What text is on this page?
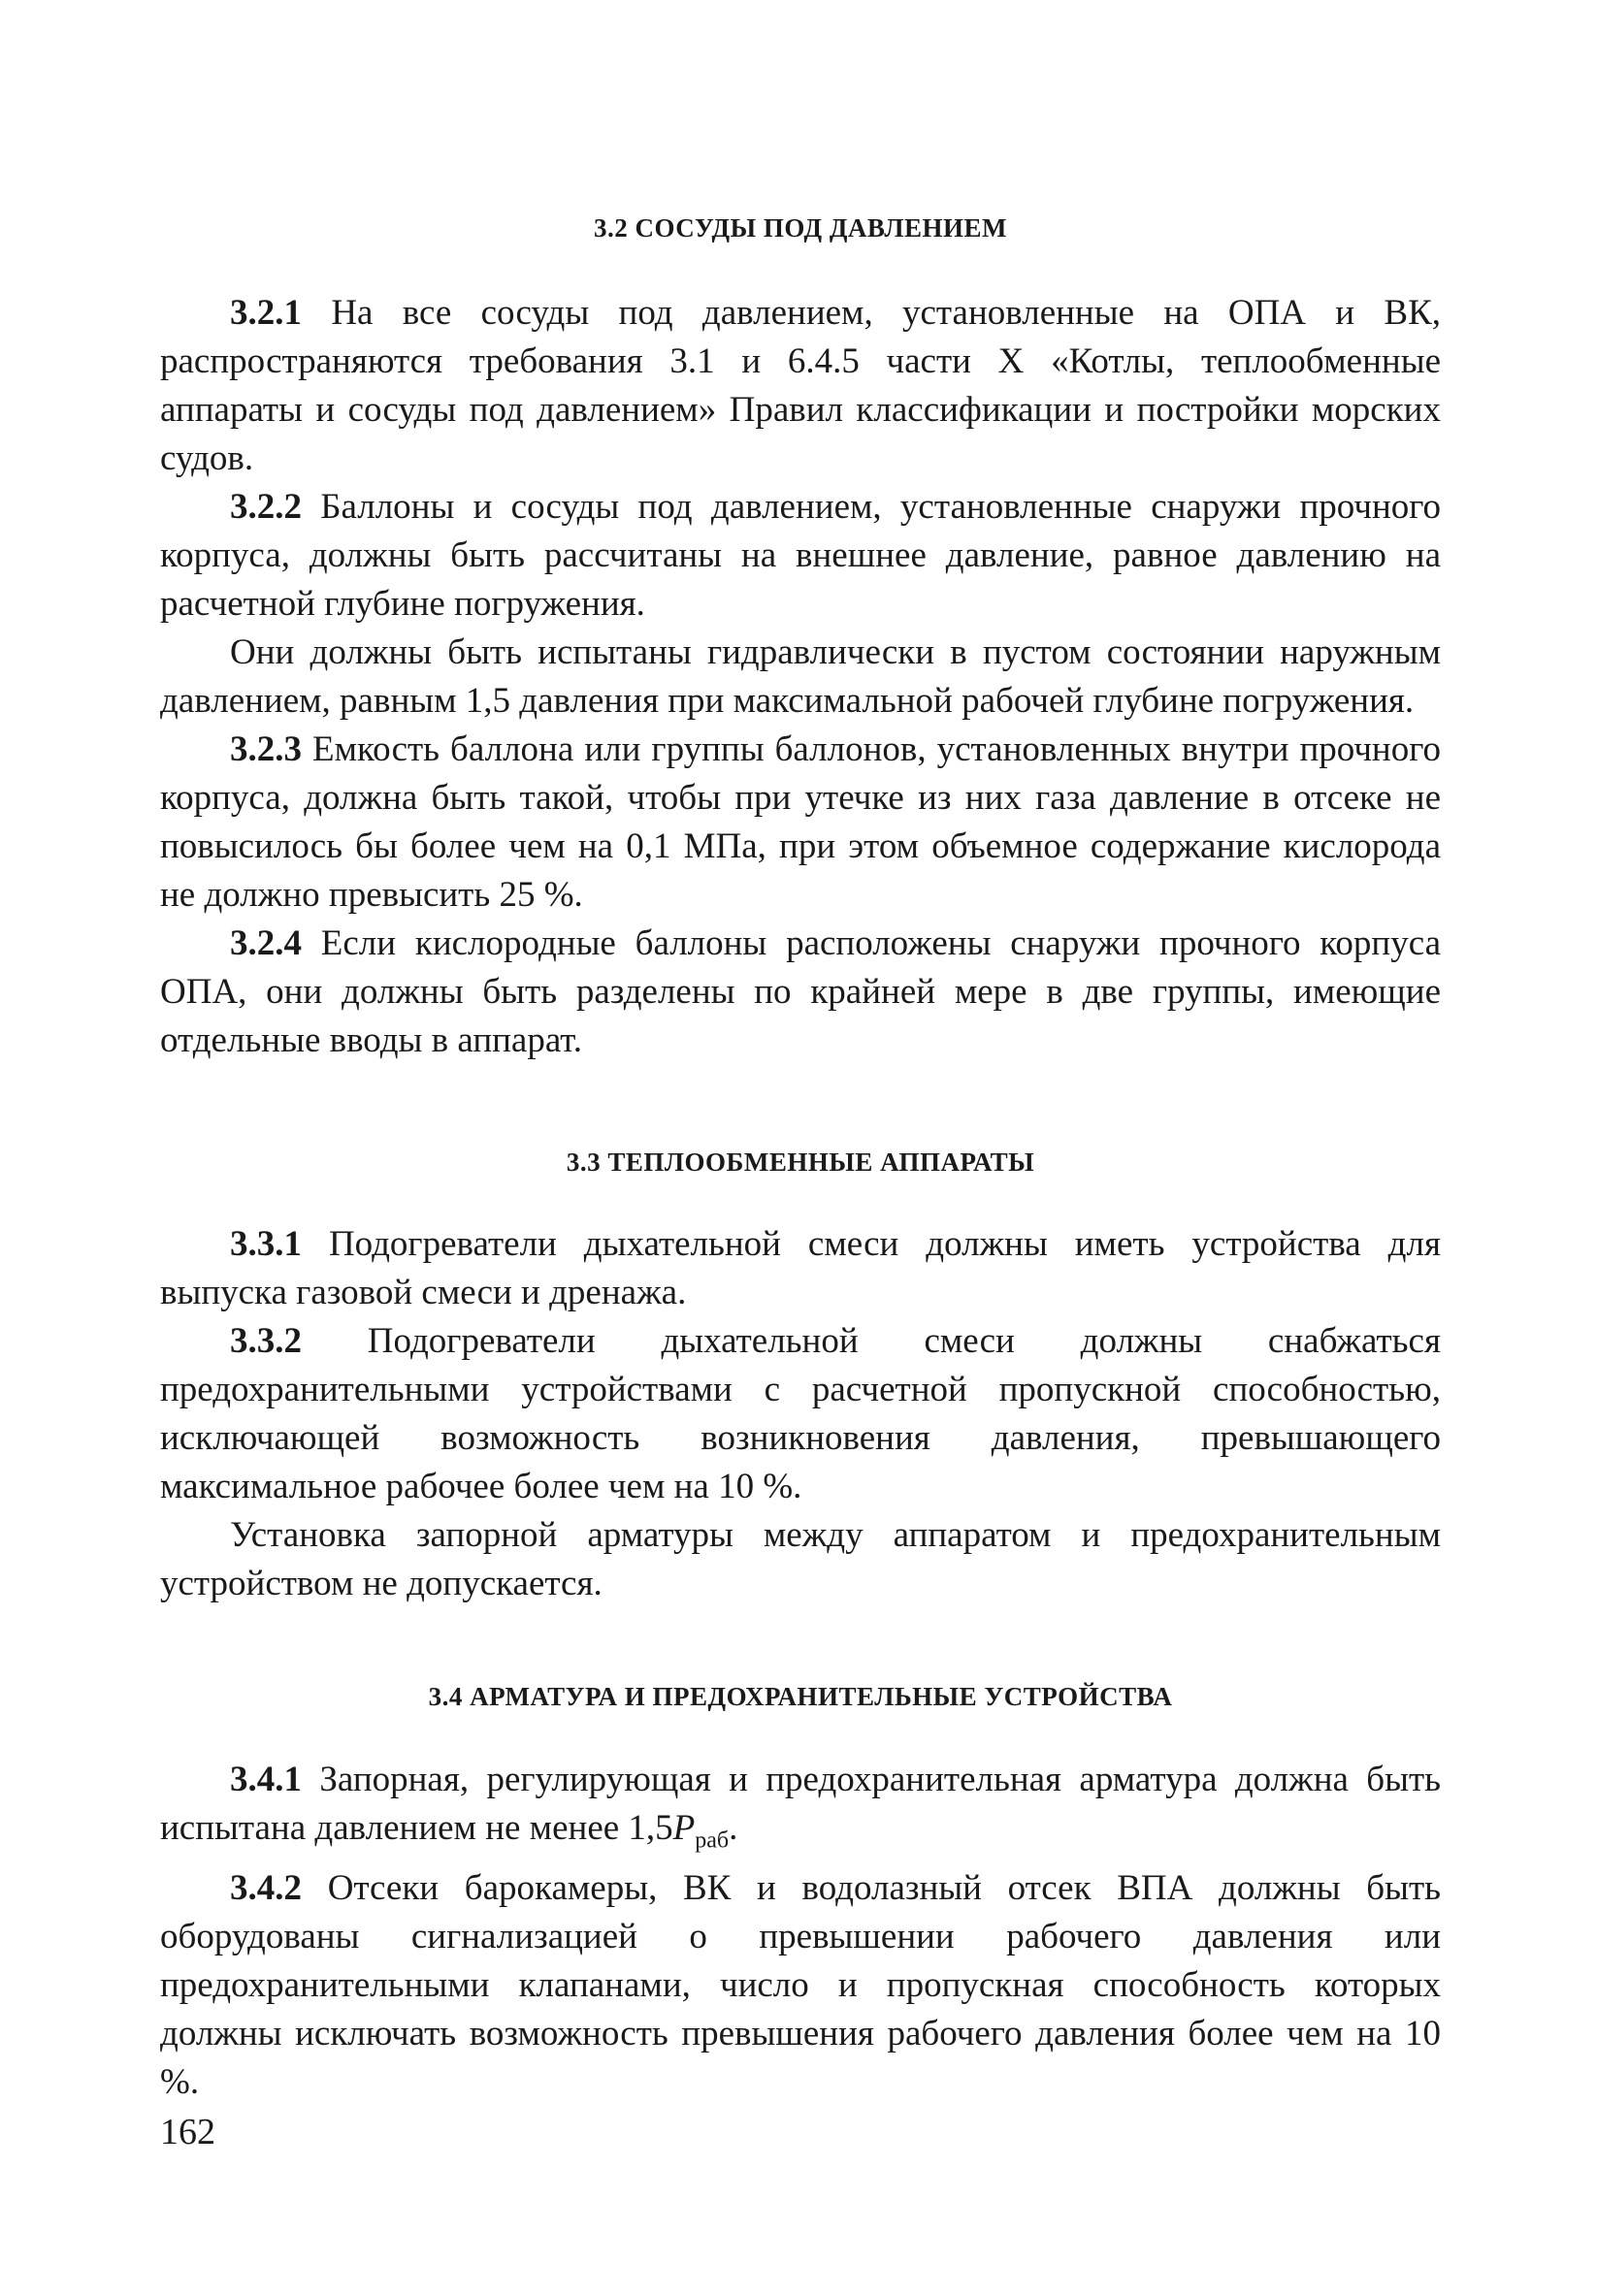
3.2 СОСУДЫ ПОД ДАВЛЕНИЕМ

3.2.1 На все сосуды под давлением, установленные на ОПА и ВК, распространяются требования 3.1 и 6.4.5 части X «Котлы, теплообменные аппараты и сосуды под давлением» Правил классификации и постройки морских судов.

3.2.2 Баллоны и сосуды под давлением, установленные снаружи прочного корпуса, должны быть рассчитаны на внешнее давление, равное давлению на расчетной глубине погружения.

Они должны быть испытаны гидравлически в пустом состоянии наружным давлением, равным 1,5 давления при максимальной рабочей глубине погружения.

3.2.3 Емкость баллона или группы баллонов, установленных внутри прочного корпуса, должна быть такой, чтобы при утечке из них газа давление в отсеке не повысилось бы более чем на 0,1 МПа, при этом объемное содержание кислорода не должно превысить 25 %.

3.2.4 Если кислородные баллоны расположены снаружи прочного корпуса ОПА, они должны быть разделены по крайней мере в две группы, имеющие отдельные вводы в аппарат.

3.3 ТЕПЛООБМЕННЫЕ АППАРАТЫ

3.3.1 Подогреватели дыхательной смеси должны иметь устройства для выпуска газовой смеси и дренажа.

3.3.2 Подогреватели дыхательной смеси должны снабжаться предохранительными устройствами с расчетной пропускной способностью, исключающей возможность возникновения давления, превышающего максимальное рабочее более чем на 10 %.

Установка запорной арматуры между аппаратом и предохранительным устройством не допускается.

3.4 АРМАТУРА И ПРЕДОХРАНИТЕЛЬНЫЕ УСТРОЙСТВА

3.4.1 Запорная, регулирующая и предохранительная арматура должна быть испытана давлением не менее $1,5P_{раб}$.

3.4.2 Отсеки барокамеры, ВК и водолазный отсек ВПА должны быть оборудованы сигнализацией о превышении рабочего давления или предохранительными клапанами, число и пропускная способность которых должны исключать возможность превышения рабочего давления более чем на 10 %.

162
